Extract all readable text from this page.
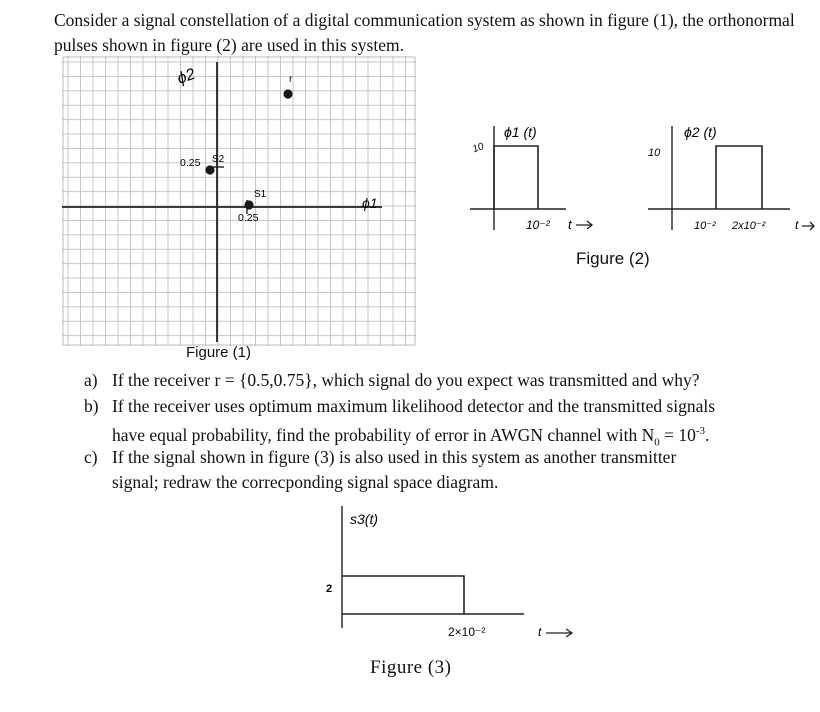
Consider a signal constellation of a digital communication system as shown in figure (1), the orthonormal pulses shown in figure (2) are used in this system.
ϕ2
ϕ1
0.25
0.25
r
S2
S1
Figure (1)
ϕ1 (t)
10
10⁻² t
ϕ2 (t)
10
10⁻² 2x10⁻² t
Figure (2)
a) If the receiver r = {0.5,0.75}, which signal do you expect was transmitted and why?
b) If the receiver uses optimum maximum likelihood detector and the transmitted signals
have equal probability, find the probability of error in AWGN channel with $N_0 = 10^{-3}$.
c) If the signal shown in figure (3) is also used in this system as another transmitter
signal; redraw the correcponding signal space diagram.
s3(t)
2
2×10⁻²	t
Figure (3)
